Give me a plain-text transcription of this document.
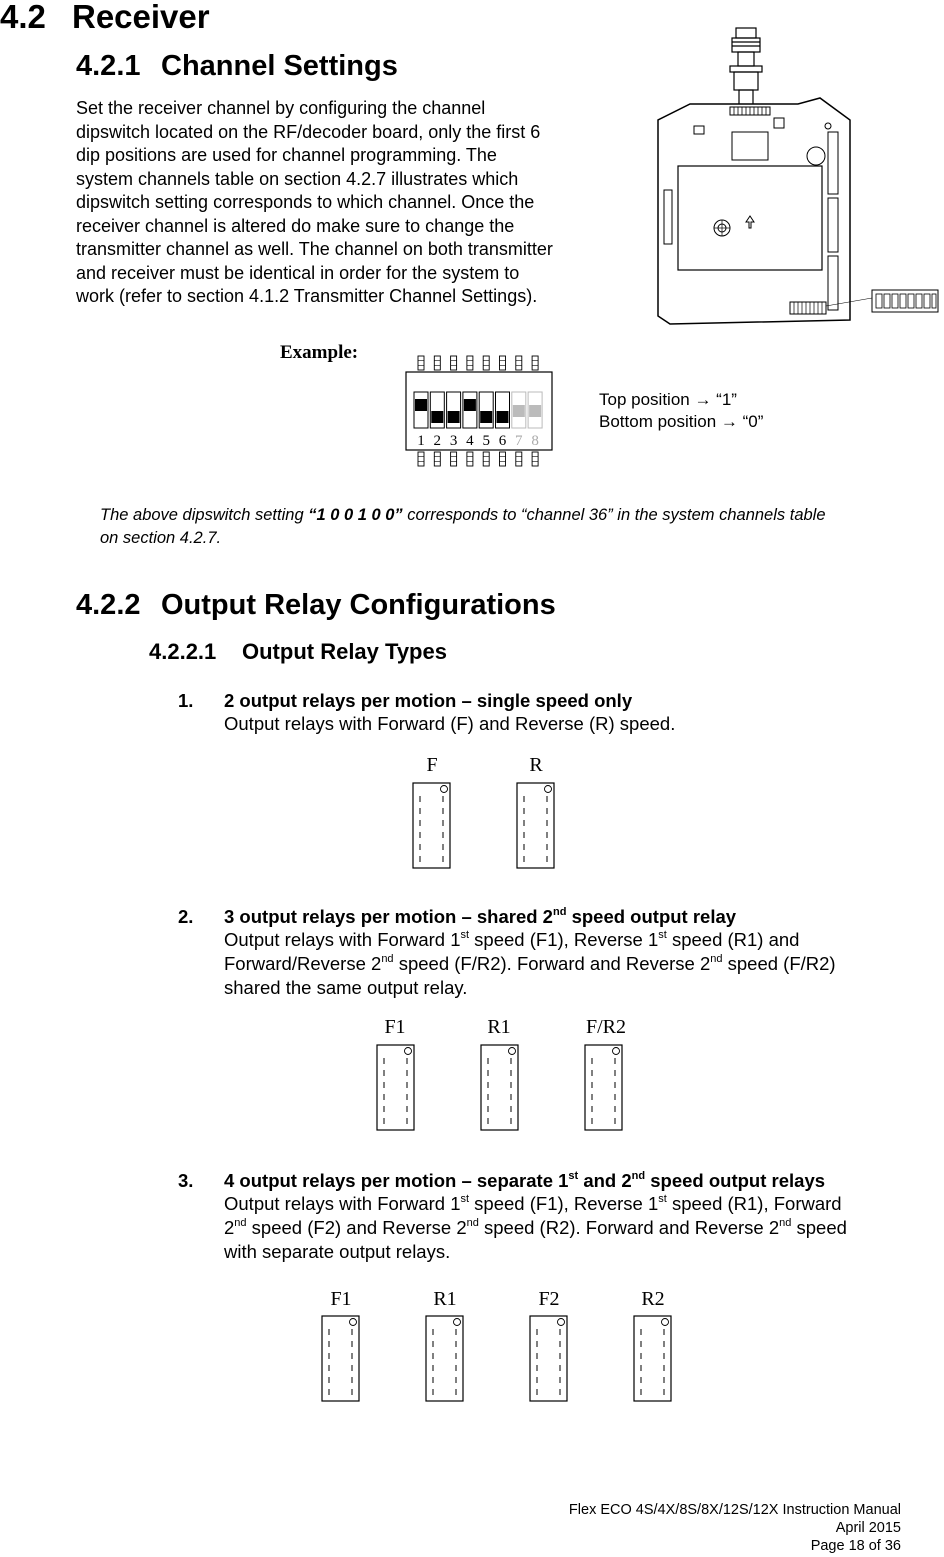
4.2 Receiver
4.2.1 Channel Settings
Set the receiver channel by configuring the channel
dipswitch located on the RF/decoder board, only the first 6
dip positions are used for channel programming. The
system channels table on section 4.2.7 illustrates which
dipswitch setting corresponds to which channel. Once the
receiver channel is altered do make sure to change the
transmitter channel as well. The channel on both transmitter
and receiver must be identical in order for the system to
work (refer to section 4.1.2 Transmitter Channel Settings).
Example:
1 2 3 4 5 6 7 8
Top position → “1”
Bottom position → “0”
The above dipswitch setting “1 0 0 1 0 0” corresponds to “channel 36” in the system channels table
on section 4.2.7.
4.2.2 Output Relay Configurations
4.2.2.1 Output Relay Types
1. 2 output relays per motion – single speed only
Output relays with Forward (F) and Reverse (R) speed.
F	R
2. 3 output relays per motion – shared 2nd speed output relay
Output relays with Forward 1st speed (F1), Reverse 1st speed (R1) and
Forward/Reverse 2nd speed (F/R2). Forward and Reverse 2nd speed (F/R2)
shared the same output relay.
F1	R1	F/R2
3. 4 output relays per motion – separate 1st and 2nd speed output relays
Output relays with Forward 1st speed (F1), Reverse 1st speed (R1), Forward
2nd speed (F2) and Reverse 2nd speed (R2). Forward and Reverse 2nd speed
with separate output relays.
F1	R1	F2	R2
Flex ECO 4S/4X/8S/8X/12S/12X Instruction Manual
April 2015
Page 18 of 36
